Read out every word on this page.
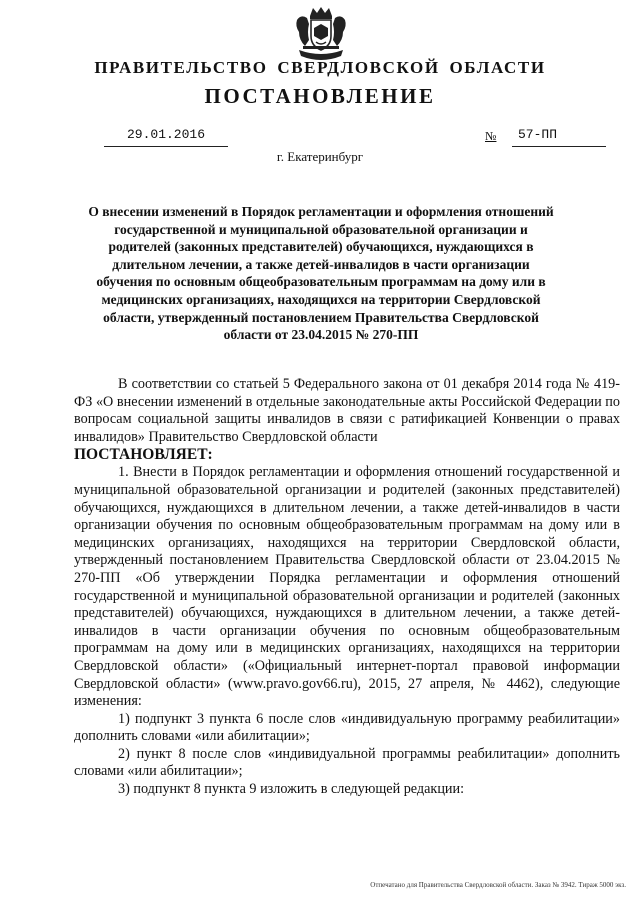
ПРАВИТЕЛЬСТВО СВЕРДЛОВСКОЙ ОБЛАСТИ
ПОСТАНОВЛЕНИЕ
29.01.2016	№	57-ПП
г. Екатеринбург
О внесении изменений в Порядок регламентации и оформления отношений государственной и муниципальной образовательной организации и родителей (законных представителей) обучающихся, нуждающихся в длительном лечении, а также детей-инвалидов в части организации обучения по основным общеобразовательным программам на дому или в медицинских организациях, находящихся на территории Свердловской области, утвержденный постановлением Правительства Свердловской области от 23.04.2015 № 270-ПП

В соответствии со статьей 5 Федерального закона от 01 декабря 2014 года № 419-ФЗ «О внесении изменений в отдельные законодательные акты Российской Федерации по вопросам социальной защиты инвалидов в связи с ратификацией Конвенции о правах инвалидов» Правительство Свердловской области

ПОСТАНОВЛЯЕТ:

1. Внести в Порядок регламентации и оформления отношений государственной и муниципальной образовательной организации и родителей (законных представителей) обучающихся, нуждающихся в длительном лечении, а также детей-инвалидов в части организации обучения по основным общеобразовательным программам на дому или в медицинских организациях, находящихся на территории Свердловской области, утвержденный постановлением Правительства Свердловской области от 23.04.2015 № 270-ПП «Об утверждении Порядка регламентации и оформления отношений государственной и муниципальной образовательной организации и родителей (законных представителей) обучающихся, нуждающихся в длительном лечении, а также детей-инвалидов в части организации обучения по основным общеобразовательным программам на дому или в медицинских организациях, находящихся на территории Свердловской области» («Официальный интернет-портал правовой информации Свердловской области» (www.pravo.gov66.ru), 2015, 27 апреля, № 4462), следующие изменения:

1) подпункт 3 пункта 6 после слов «индивидуальную программу реабилитации» дополнить словами «или абилитации»;

2) пункт 8 после слов «индивидуальной программы реабилитации» дополнить словами «или абилитации»;

3) подпункт 8 пункта 9 изложить в следующей редакции:

Отпечатано для Правительства Свердловской области. Заказ № 3942. Тираж 5000 экз.
